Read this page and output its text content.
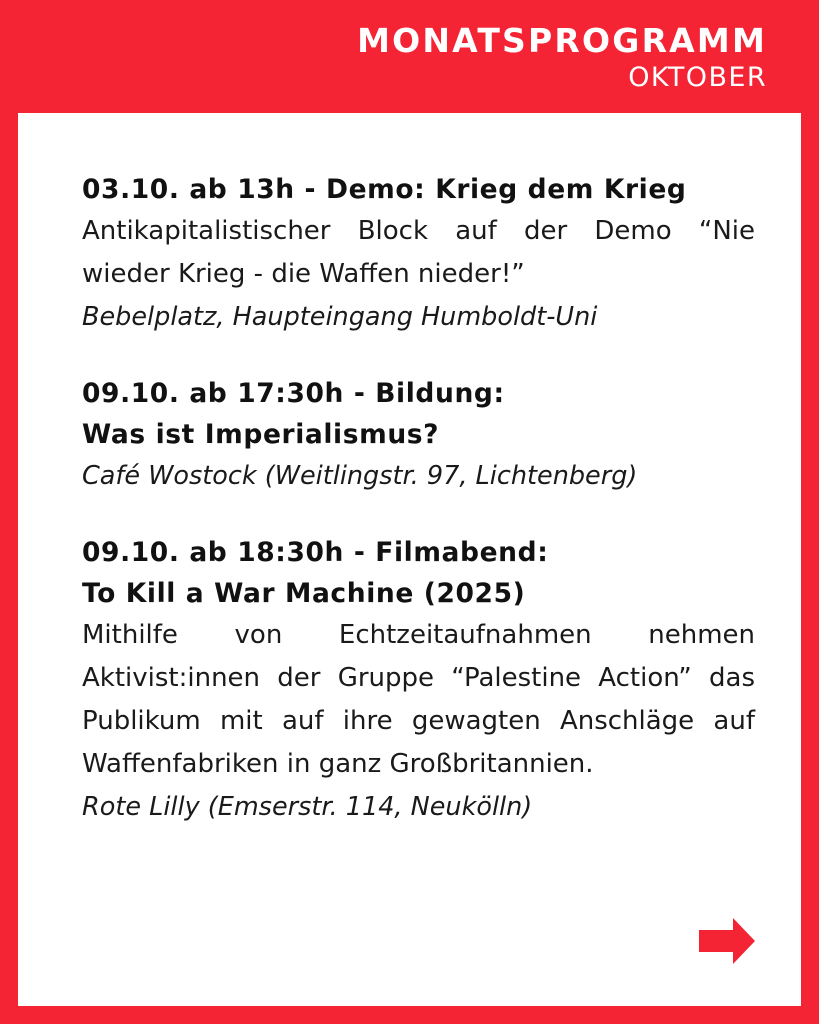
MONATSPROGRAMM
OKTOBER
03.10. ab 13h - Demo: Krieg dem Krieg
Antikapitalistischer Block auf der Demo “Nie wieder Krieg - die Waffen nieder!”
Bebelplatz, Haupteingang Humboldt-Uni
09.10. ab 17:30h - Bildung:
Was ist Imperialismus?
Café Wostock (Weitlingstr. 97, Lichtenberg)
09.10. ab 18:30h - Filmabend:
To Kill a War Machine (2025)
Mithilfe von Echtzeitaufnahmen nehmen Aktivist:innen der Gruppe “Palestine Action” das Publikum mit auf ihre gewagten Anschläge auf Waffenfabriken in ganz Großbritannien.
Rote Lilly (Emserstr. 114, Neukölln)
